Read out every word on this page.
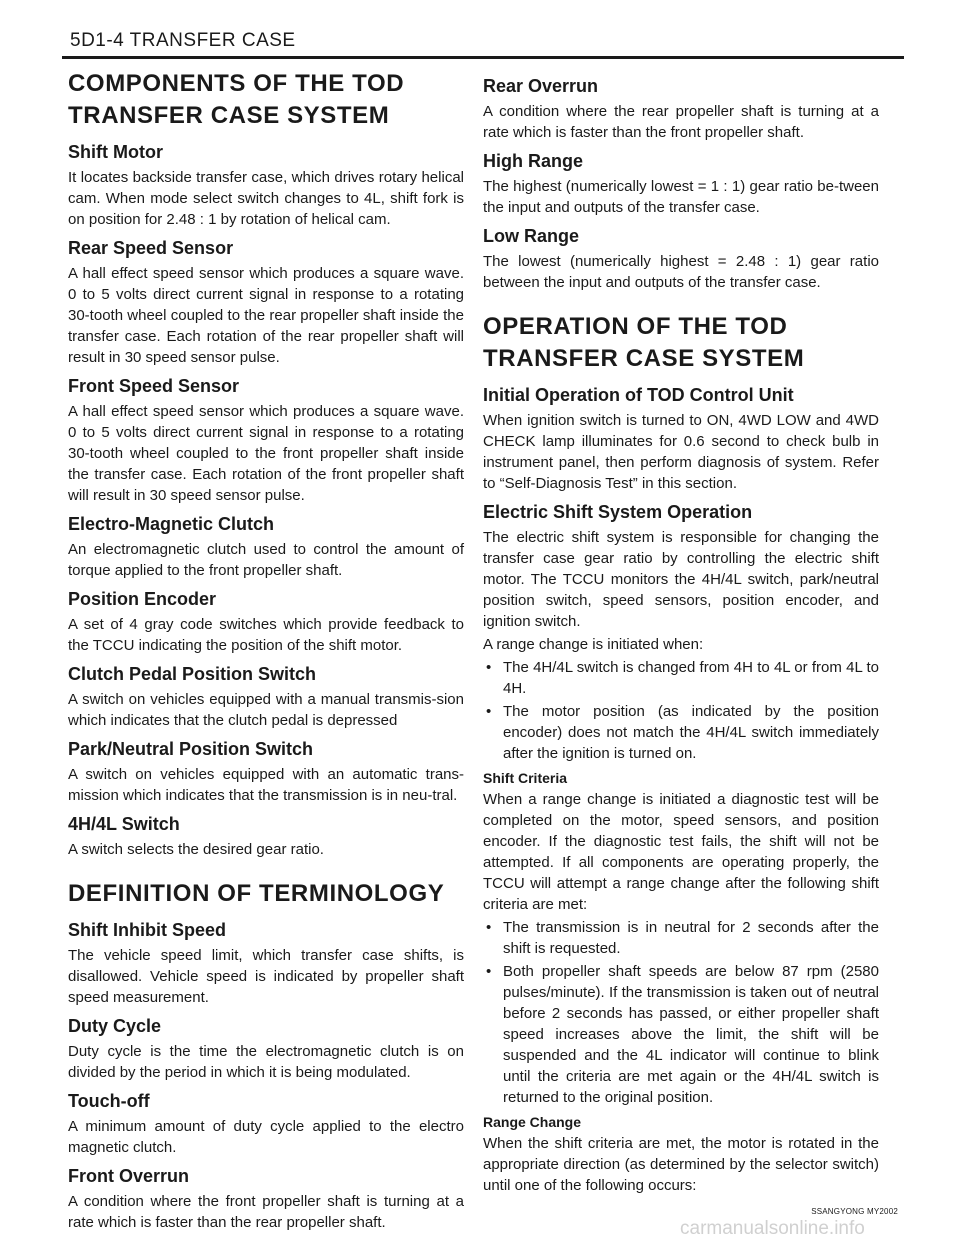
5D1-4 TRANSFER CASE
COMPONENTS OF THE TOD TRANSFER CASE SYSTEM
Shift Motor

It locates backside transfer case, which drives rotary helical cam. When mode select switch changes to 4L, shift fork is on position for 2.48 : 1 by rotation of helical cam.

Rear Speed Sensor

A hall effect speed sensor which produces a square wave. 0 to 5 volts direct current signal in response to a rotating 30-tooth wheel coupled to the rear propeller shaft inside the transfer case. Each rotation of the rear propeller shaft will result in 30 speed sensor pulse.

Front Speed Sensor

A hall effect speed sensor which produces a square wave. 0 to 5 volts direct current signal in response to a rotating 30-tooth wheel coupled to the front propeller shaft inside the transfer case. Each rotation of the front propeller shaft will result in 30 speed sensor pulse.

Electro-Magnetic Clutch

An electromagnetic clutch used to control the amount of torque applied to the front propeller shaft.

Position Encoder

A set of 4 gray code switches which provide feedback to the TCCU indicating the position of the shift motor.

Clutch Pedal Position Switch

A switch on vehicles equipped with a manual transmis-sion which indicates that the clutch pedal is depressed

Park/Neutral Position Switch

A switch on vehicles equipped with an automatic trans-mission which indicates that the transmission is in neu-tral.

4H/4L Switch

A switch selects the desired gear ratio.

DEFINITION OF TERMINOLOGY
Shift Inhibit Speed

The vehicle speed limit, which transfer case shifts, is disallowed. Vehicle speed is indicated by propeller shaft speed measurement.

Duty Cycle

Duty cycle is the time the electromagnetic clutch is on divided by the period in which it is being modulated.

Touch-off

A minimum amount of duty cycle applied to the electro magnetic clutch.

Front Overrun

A condition where the front propeller shaft is turning at a rate which is faster than the rear propeller shaft.

Rear Overrun

A condition where the rear propeller shaft is turning at a rate which is faster than the front propeller shaft.

High Range

The highest (numerically lowest = 1 : 1) gear ratio be-tween the input and outputs of the transfer case.

Low Range

The lowest (numerically highest = 2.48 : 1) gear ratio between the input and outputs of the transfer case.

OPERATION OF THE TOD TRANSFER CASE SYSTEM
Initial Operation of TOD Control Unit

When ignition switch is turned to ON, 4WD LOW and 4WD CHECK lamp illuminates for 0.6 second to check bulb in instrument panel, then perform diagnosis of system. Refer to “Self-Diagnosis Test” in this section.

Electric Shift System Operation

The electric shift system is responsible for changing the transfer case gear ratio by controlling the electric shift motor. The TCCU monitors the 4H/4L switch, park/neutral position switch, speed sensors, position encoder, and ignition switch.

A range change is initiated when:

• The 4H/4L switch is changed from 4H to 4L or from 4L to 4H.
• The motor position (as indicated by the position encoder) does not match the 4H/4L switch immediately after the ignition is turned on.
Shift Criteria

When a range change is initiated a diagnostic test will be completed on the motor, speed sensors, and position encoder. If the diagnostic test fails, the shift will not be attempted. If all components are operating properly, the TCCU will attempt a range change after the following shift criteria are met:

• The transmission is in neutral for 2 seconds after the shift is requested.
• Both propeller shaft speeds are below 87 rpm (2580 pulses/minute). If the transmission is taken out of neutral before 2 seconds has passed, or either propeller shaft speed increases above the limit, the shift will be suspended and the 4L indicator will continue to blink until the criteria are met again or the 4H/4L switch is returned to the original position.
Range Change

When the shift criteria are met, the motor is rotated in the appropriate direction (as determined by the selector switch) until one of the following occurs:

SSANGYONG MY2002
carmanualsonline.info
